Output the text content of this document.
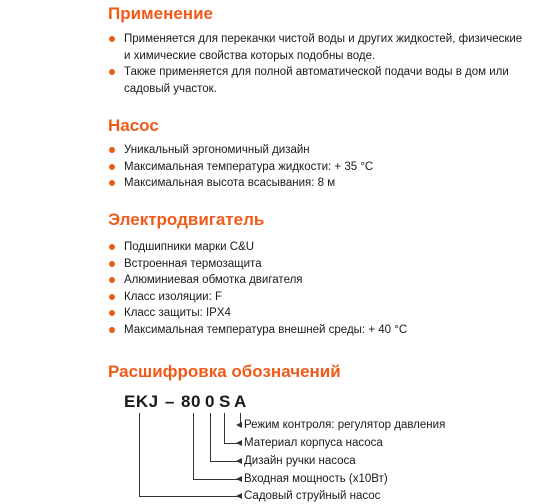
Применение
Применяется для перекачки чистой воды и других жидкостей, физические и химические свойства которых подобны воде.
Также применяется для полной автоматической подачи воды в дом или садовый участок.
Насос
Уникальный эргономичный дизайн
Максимальная температура жидкости: + 35 °C
Максимальная высота всасывания: 8 м
Электродвигатель
Подшипники марки C&U
Встроенная термозащита
Алюминиевая обмотка двигателя
Класс изоляции: F
Класс защиты: IPX4
Максимальная температура внешней среды: + 40 °C
Расшифровка обозначений
EKJ – 80 0 S A
Режим контроля: регулятор давления
Материал корпуса насоса
Дизайн ручки насоса
Входная мощность (х10Вт)
Садовый струйный насос
